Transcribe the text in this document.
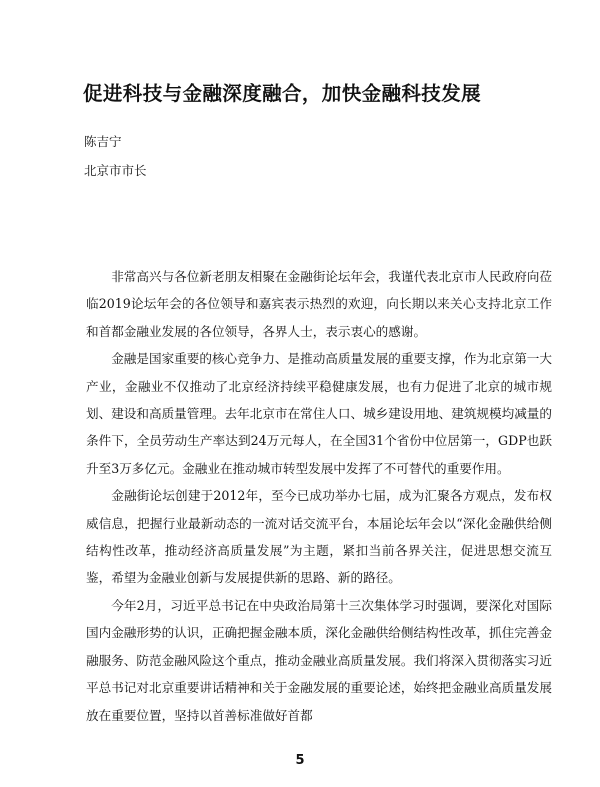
促进科技与金融深度融合，加快金融科技发展
陈吉宁
北京市市长

非常高兴与各位新老朋友相聚在金融街论坛年会，我谨代表北京市人民政府向莅临2019论坛年会的各位领导和嘉宾表示热烈的欢迎，向长期以来关心支持北京工作和首都金融业发展的各位领导，各界人士，表示衷心的感谢。

金融是国家重要的核心竞争力、是推动高质量发展的重要支撑，作为北京第一大产业，金融业不仅推动了北京经济持续平稳健康发展，也有力促进了北京的城市规划、建设和高质量管理。去年北京市在常住人口、城乡建设用地、建筑规模均减量的条件下，全员劳动生产率达到24万元每人，在全国31个省份中位居第一，GDP也跃升至3万多亿元。金融业在推动城市转型发展中发挥了不可替代的重要作用。

金融街论坛创建于2012年，至今已成功举办七届，成为汇聚各方观点，发布权威信息，把握行业最新动态的一流对话交流平台，本届论坛年会以“深化金融供给侧结构性改革，推动经济高质量发展”为主题，紧扣当前各界关注，促进思想交流互鉴，希望为金融业创新与发展提供新的思路、新的路径。

今年2月，习近平总书记在中央政治局第十三次集体学习时强调，要深化对国际国内金融形势的认识，正确把握金融本质，深化金融供给侧结构性改革，抓住完善金融服务、防范金融风险这个重点，推动金融业高质量发展。我们将深入贯彻落实习近平总书记对北京重要讲话精神和关于金融发展的重要论述，始终把金融业高质量发展放在重要位置，坚持以首善标准做好首都

5
